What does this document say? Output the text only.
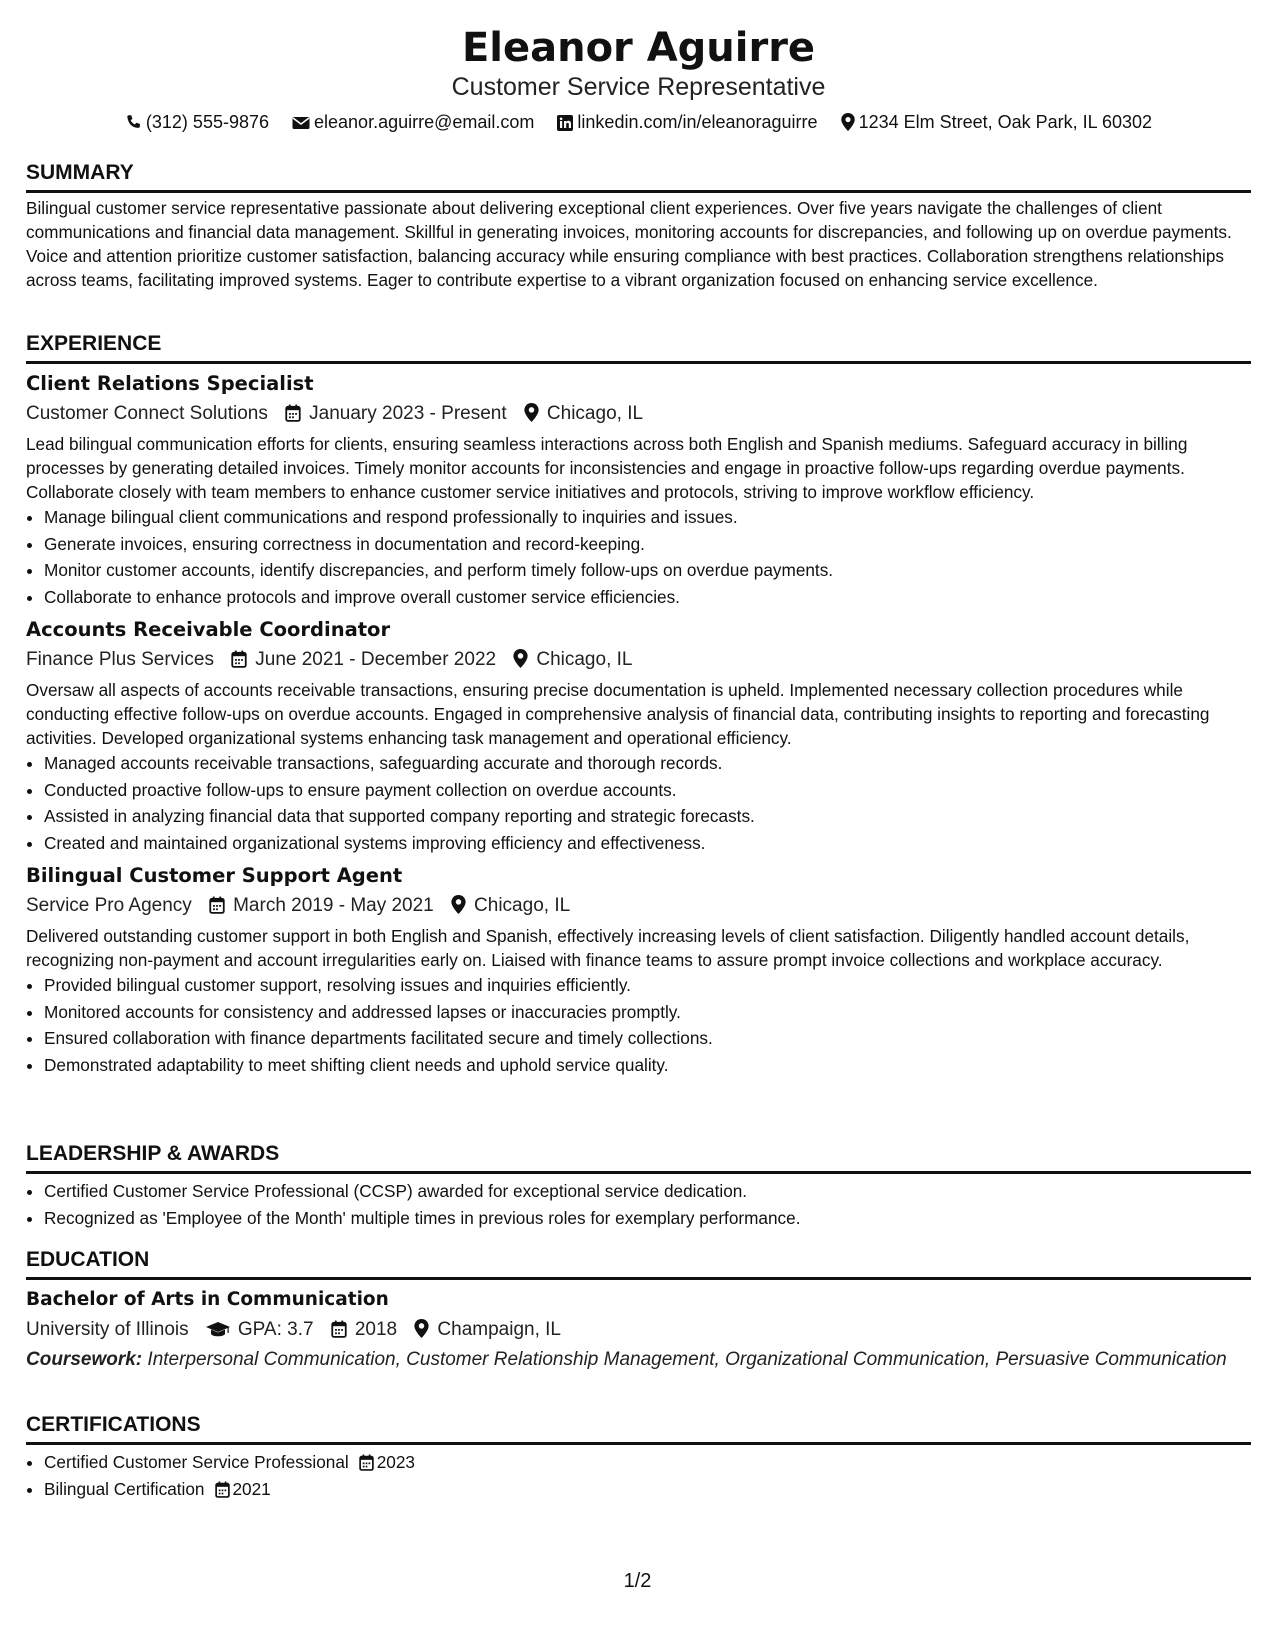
Eleanor Aguirre
Customer Service Representative
(312) 555-9876	eleanor.aguirre@email.com linkedin.com/in/eleanoraguirre 1234 Elm Street, Oak Park, IL 60302
SUMMARY
Bilingual customer service representative passionate about delivering exceptional client experiences. Over five years navigate the challenges of client communications and financial data management. Skillful in generating invoices, monitoring accounts for discrepancies, and following up on overdue payments. Voice and attention prioritize customer satisfaction, balancing accuracy while ensuring compliance with best practices. Collaboration strengthens relationships across teams, facilitating improved systems. Eager to contribute expertise to a vibrant organization focused on enhancing service excellence.
EXPERIENCE
Client Relations Specialist
Customer Connect Solutions January 2023 - Present Chicago, IL
Lead bilingual communication efforts for clients, ensuring seamless interactions across both English and Spanish mediums. Safeguard accuracy in billing processes by generating detailed invoices. Timely monitor accounts for inconsistencies and engage in proactive follow-ups regarding overdue payments. Collaborate closely with team members to enhance customer service initiatives and protocols, striving to improve workflow efficiency.
• Manage bilingual client communications and respond professionally to inquiries and issues.
• Generate invoices, ensuring correctness in documentation and record-keeping.
• Monitor customer accounts, identify discrepancies, and perform timely follow-ups on overdue payments.
• Collaborate to enhance protocols and improve overall customer service efficiencies.
Accounts Receivable Coordinator
Finance Plus Services June 2021 - December 2022 Chicago, IL
Oversaw all aspects of accounts receivable transactions, ensuring precise documentation is upheld. Implemented necessary collection procedures while conducting effective follow-ups on overdue accounts. Engaged in comprehensive analysis of financial data, contributing insights to reporting and forecasting activities. Developed organizational systems enhancing task management and operational efficiency.
• Managed accounts receivable transactions, safeguarding accurate and thorough records.
• Conducted proactive follow-ups to ensure payment collection on overdue accounts.
• Assisted in analyzing financial data that supported company reporting and strategic forecasts.
• Created and maintained organizational systems improving efficiency and effectiveness.
Bilingual Customer Support Agent
Service Pro Agency March 2019 - May 2021 Chicago, IL
Delivered outstanding customer support in both English and Spanish, effectively increasing levels of client satisfaction. Diligently handled account details, recognizing non-payment and account irregularities early on. Liaised with finance teams to assure prompt invoice collections and workplace accuracy.
• Provided bilingual customer support, resolving issues and inquiries efficiently.
• Monitored accounts for consistency and addressed lapses or inaccuracies promptly.
• Ensured collaboration with finance departments facilitated secure and timely collections.
• Demonstrated adaptability to meet shifting client needs and uphold service quality.
LEADERSHIP & AWARDS
• Certified Customer Service Professional (CCSP) awarded for exceptional service dedication.
• Recognized as 'Employee of the Month' multiple times in previous roles for exemplary performance.
EDUCATION
Bachelor of Arts in Communication
University of Illinois	GPA: 3.7 2018 Champaign, IL
Coursework: Interpersonal Communication, Customer Relationship Management, Organizational Communication, Persuasive Communication
CERTIFICATIONS
• Certified Customer Service Professional 2023
• Bilingual Certification 2021
1/2
